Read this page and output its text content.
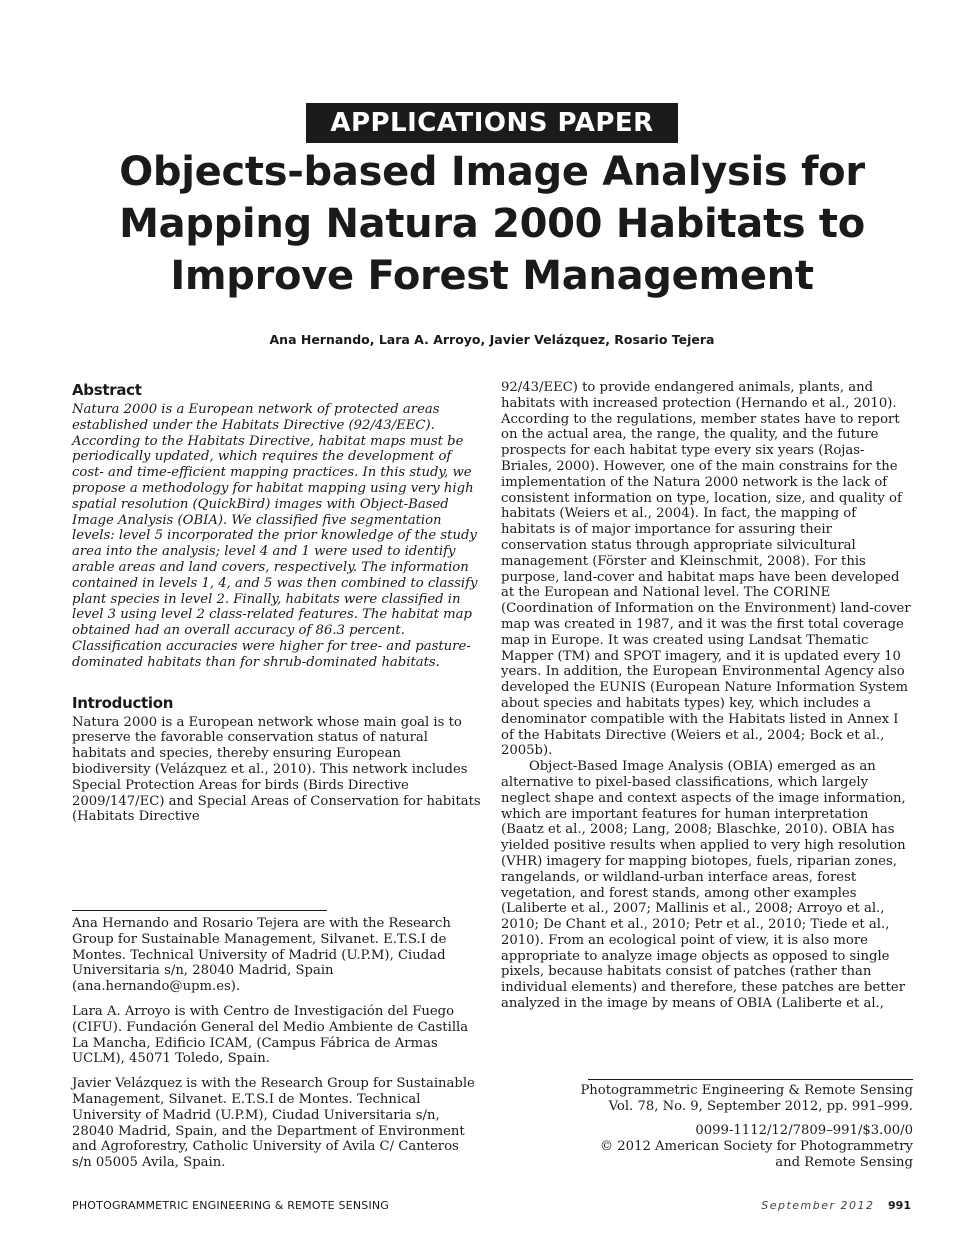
APPLICATIONS PAPER
Objects-based Image Analysis for Mapping Natura 2000 Habitats to Improve Forest Management
Ana Hernando, Lara A. Arroyo, Javier Velázquez, Rosario Tejera
Abstract

Natura 2000 is a European network of protected areas established under the Habitats Directive (92/43/EEC). According to the Habitats Directive, habitat maps must be periodically updated, which requires the development of cost- and time-efficient mapping practices. In this study, we propose a methodology for habitat mapping using very high spatial resolution (QuickBird) images with Object-Based Image Analysis (OBIA). We classified five segmentation levels: level 5 incorporated the prior knowledge of the study area into the analysis; level 4 and 1 were used to identify arable areas and land covers, respectively. The information contained in levels 1, 4, and 5 was then combined to classify plant species in level 2. Finally, habitats were classified in level 3 using level 2 class-related features. The habitat map obtained had an overall accuracy of 86.3 percent. Classification accuracies were higher for tree- and pasture-dominated habitats than for shrub-dominated habitats.

Introduction

Natura 2000 is a European network whose main goal is to preserve the favorable conservation status of natural habitats and species, thereby ensuring European biodiversity (Velázquez et al., 2010). This network includes Special Protection Areas for birds (Birds Directive 2009/147/EC) and Special Areas of Conservation for habitats (Habitats Directive

92/43/EEC) to provide endangered animals, plants, and habitats with increased protection (Hernando et al., 2010). According to the regulations, member states have to report on the actual area, the range, the quality, and the future prospects for each habitat type every six years (Rojas-Briales, 2000). However, one of the main constrains for the implementation of the Natura 2000 network is the lack of consistent information on type, location, size, and quality of habitats (Weiers et al., 2004). In fact, the mapping of habitats is of major importance for assuring their conservation status through appropriate silvicultural management (Förster and Kleinschmit, 2008). For this purpose, land-cover and habitat maps have been developed at the European and National level. The CORINE (Coordination of Information on the Environment) land-cover map was created in 1987, and it was the first total coverage map in Europe. It was created using Landsat Thematic Mapper (TM) and SPOT imagery, and it is updated every 10 years. In addition, the European Environmental Agency also developed the EUNIS (European Nature Information System about species and habitats types) key, which includes a denominator compatible with the Habitats listed in Annex I of the Habitats Directive (Weiers et al., 2004; Bock et al., 2005b).

Object-Based Image Analysis (OBIA) emerged as an alternative to pixel-based classifications, which largely neglect shape and context aspects of the image information, which are important features for human interpretation (Baatz et al., 2008; Lang, 2008; Blaschke, 2010). OBIA has yielded positive results when applied to very high resolution (VHR) imagery for mapping biotopes, fuels, riparian zones, rangelands, or wildland-urban interface areas, forest vegetation, and forest stands, among other examples (Laliberte et al., 2007; Mallinis et al., 2008; Arroyo et al., 2010; De Chant et al., 2010; Petr et al., 2010; Tiede et al., 2010). From an ecological point of view, it is also more appropriate to analyze image objects as opposed to single pixels, because habitats consist of patches (rather than individual elements) and therefore, these patches are better analyzed in the image by means of OBIA (Laliberte et al.,

Ana Hernando and Rosario Tejera are with the Research Group for Sustainable Management, Silvanet. E.T.S.I de Montes. Technical University of Madrid (U.P.M), Ciudad Universitaria s/n, 28040 Madrid, Spain (ana.hernando@upm.es).

Lara A. Arroyo is with Centro de Investigación del Fuego (CIFU). Fundación General del Medio Ambiente de Castilla La Mancha, Edificio ICAM, (Campus Fábrica de Armas UCLM), 45071 Toledo, Spain.

Javier Velázquez is with the Research Group for Sustainable Management, Silvanet. E.T.S.I de Montes. Technical University of Madrid (U.P.M), Ciudad Universitaria s/n, 28040 Madrid, Spain, and the Department of Environment and Agroforestry, Catholic University of Avila C/ Canteros s/n 05005 Avila, Spain.

Photogrammetric Engineering & Remote Sensing

Vol. 78, No. 9, September 2012, pp. 991–999.

0099-1112/12/7809–991/$3.00/0

© 2012 American Society for Photogrammetry

and Remote Sensing

PHOTOGRAMMETRIC ENGINEERING & REMOTE SENSING	September 2012 991
